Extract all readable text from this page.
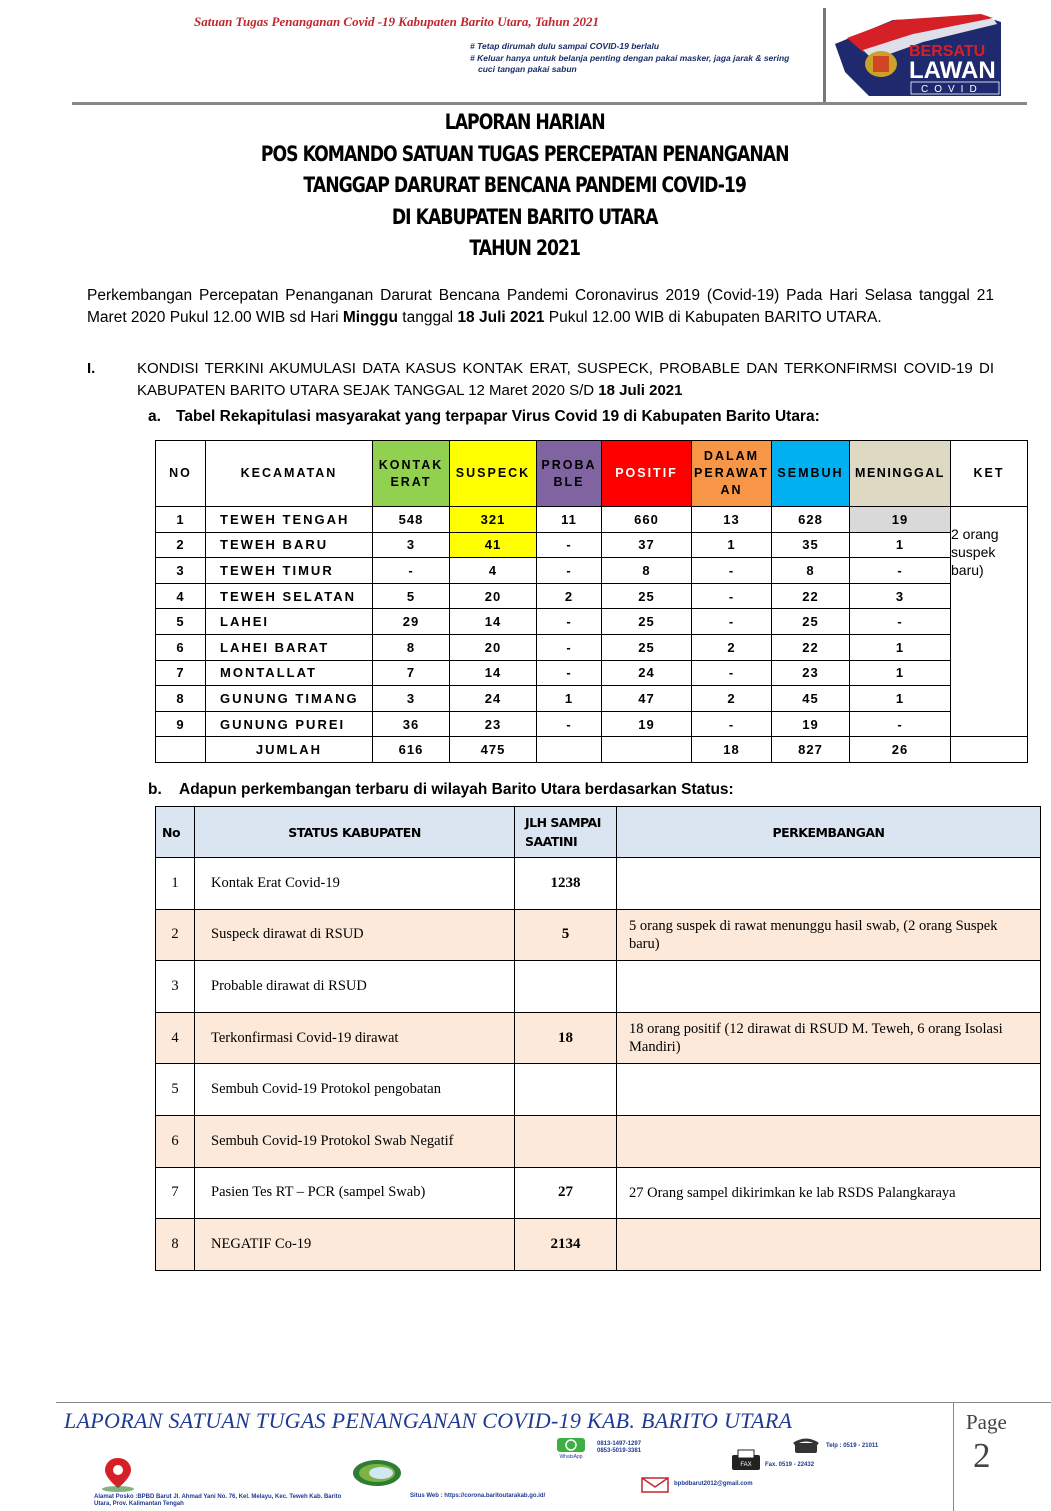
Satuan Tugas Penanganan Covid -19 Kabupaten Barito Utara, Tahun 2021
# Tetap dirumah dulu sampai COVID-19 berlalu
# Keluar hanya untuk belanja penting dengan pakai masker, jaga jarak & sering
cuci tangan pakai sabun
BERSATU
LAWAN
COVID
LAPORAN HARIAN
POS KOMANDO SATUAN TUGAS PERCEPATAN PENANGANAN
TANGGAP DARURAT BENCANA PANDEMI COVID-19
DI KABUPATEN BARITO UTARA
TAHUN 2021
Perkembangan Percepatan Penanganan Darurat Bencana Pandemi Coronavirus 2019 (Covid-19) Pada Hari Selasa tanggal 21 Maret 2020 Pukul 12.00 WIB sd Hari Minggu tanggal 18 Juli 2021 Pukul 12.00 WIB di Kabupaten BARITO UTARA.
I.	KONDISI TERKINI AKUMULASI DATA KASUS KONTAK ERAT, SUSPECK, PROBABLE DAN TERKONFIRMSI COVID-19 DI KABUPATEN BARITO UTARA SEJAK TANGGAL 12 Maret 2020 S/D 18 Juli 2021
a. Tabel Rekapitulasi masyarakat yang terpapar Virus Covid 19 di Kabupaten Barito Utara:
NO	KECAMATAN	KONTAK ERAT	SUSPECK	PROBA BLE	POSITIF	DALAM PERAWAT AN	SEMBUH	MENINGGAL	KET
1	TEWEH TENGAH	548	321	11	660	13	628	19	2 orang suspek baru)
2	TEWEH BARU	3	41	-	37	1	35	1	
3	TEWEH TIMUR	-	4	-	8	-	8	-	
4	TEWEH SELATAN	5	20	2	25	-	22	3	
5	LAHEI	29	14	-	25	-	25	-	
6	LAHEI BARAT	8	20	-	25	2	22	1	
7	MONTALLAT	7	14	-	24	-	23	1	
8	GUNUNG TIMANG	3	24	1	47	2	45	1	
9	GUNUNG PUREI	36	23	-	19	-	19	-	
	JUMLAH	616	475	14	871	18	827	26	
b. Adapun perkembangan terbaru di wilayah Barito Utara berdasarkan Status:
No	STATUS KABUPATEN	JLH SAMPAI SAATINI	PERKEMBANGAN
1	Kontak Erat Covid-19	1238	
2	Suspeck dirawat di RSUD	5	5 orang suspek di rawat menunggu hasil swab, (2 orang Suspek baru)
3	Probable dirawat di RSUD		
4	Terkonfirmasi Covid-19 dirawat	18	18 orang positif (12 dirawat di RSUD M. Teweh, 6 orang Isolasi Mandiri)
5	Sembuh Covid-19 Protokol pengobatan		
6	Sembuh Covid-19 Protokol Swab Negatif		
7	Pasien Tes RT – PCR (sampel Swab)	27	27 Orang sampel dikirimkan ke lab RSDS Palangkaraya
8	NEGATIF Co-19	2134	
LAPORAN SATUAN TUGAS PENANGANAN COVID-19 KAB. BARITO UTARA	Page
2
WhatsApp
0813-1497-1297
0853-5019-3381
Telp : 0519 - 21011
FAX Fax. 0519 - 22432
bpbdbarut2012@gmail.com
Alamat Posko :BPBD Barut Jl. Ahmad Yani No. 76, Kel. Melayu, Kec. Teweh Kab. Barito Utara, Prov. Kalimantan Tengah
Situs Web : https://corona.baritoutarakab.go.id/
